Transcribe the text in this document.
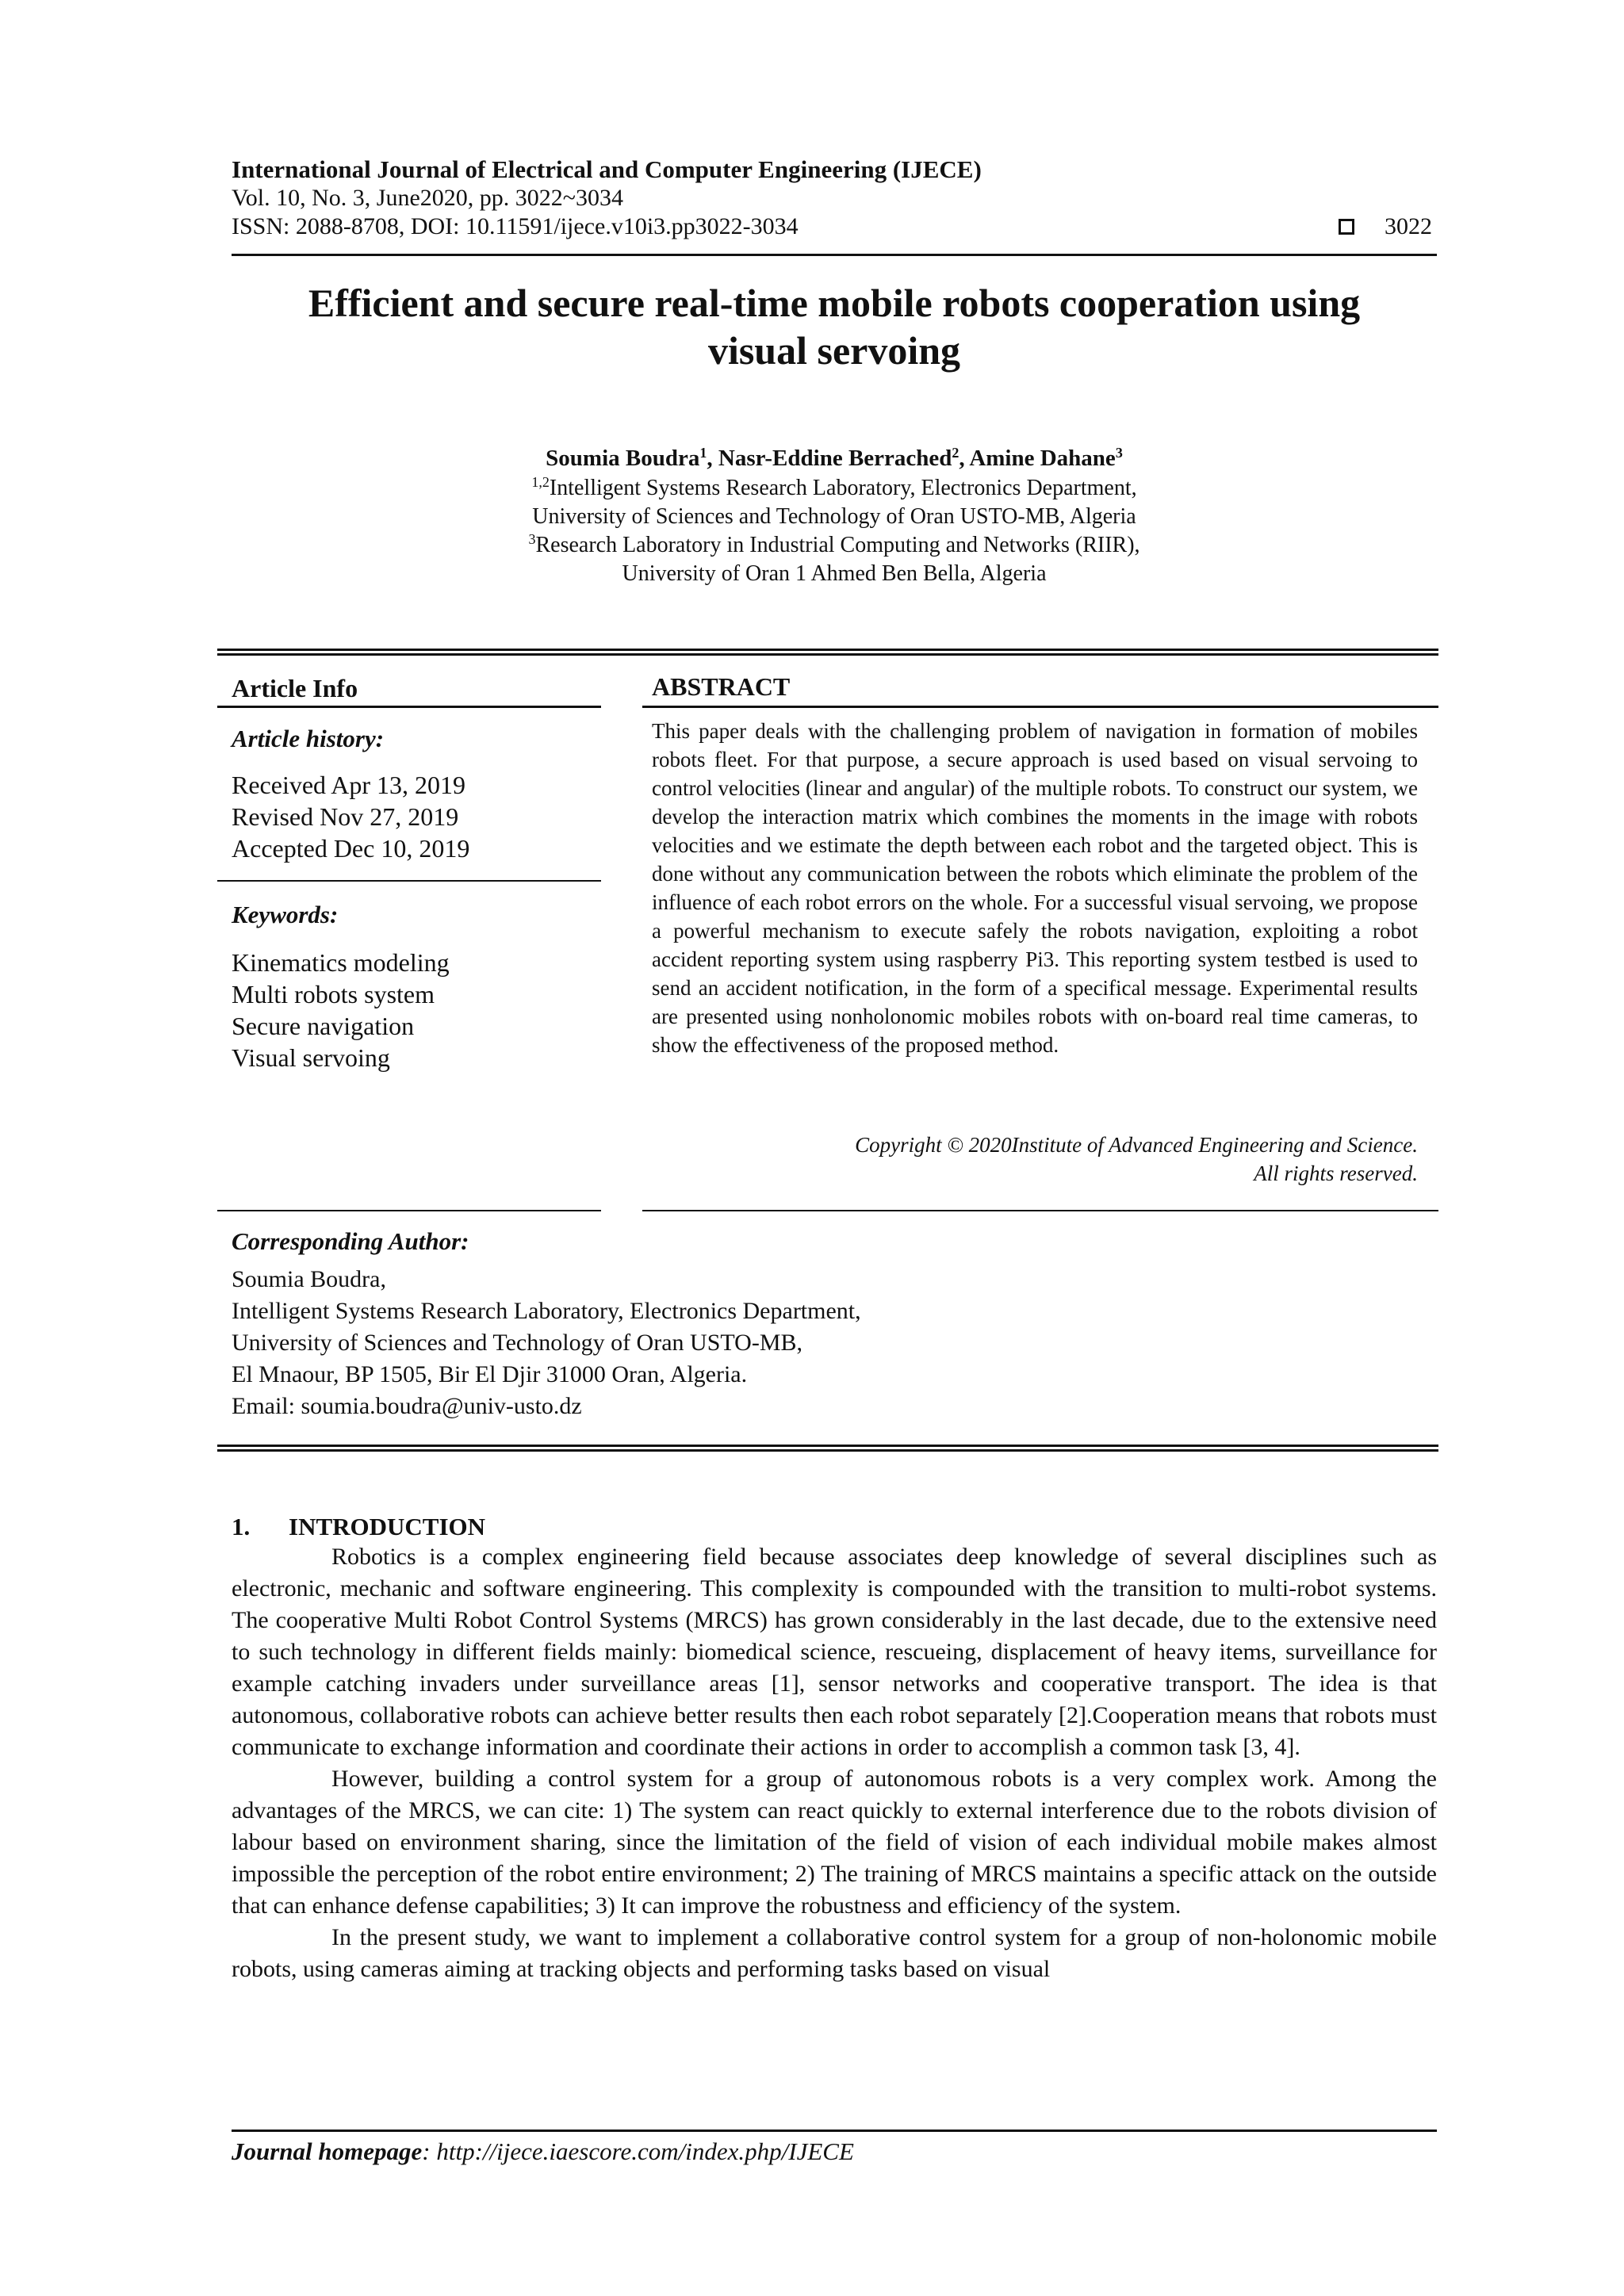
International Journal of Electrical and Computer Engineering (IJECE)
Vol. 10, No. 3, June2020, pp. 3022~3034
ISSN: 2088-8708, DOI: 10.11591/ijece.v10i3.pp3022-3034	3022
Efficient and secure real-time mobile robots cooperation using
visual servoing
Soumia Boudra$^1$, Nasr-Eddine Berrached$^2$, Amine Dahane$^3$
$^{1,2}$Intelligent Systems Research Laboratory, Electronics Department,
University of Sciences and Technology of Oran USTO-MB, Algeria
$^3$Research Laboratory in Industrial Computing and Networks (RIIR),
University of Oran 1 Ahmed Ben Bella, Algeria
Article Info
Article history:
Received Apr 13, 2019
Revised Nov 27, 2019
Accepted Dec 10, 2019
Keywords:
Kinematics modeling
Multi robots system
Secure navigation
Visual servoing
ABSTRACT
This paper deals with the challenging problem of navigation in formation of mobiles robots fleet. For that purpose, a secure approach is used based on visual servoing to control velocities (linear and angular) of the multiple robots. To construct our system, we develop the interaction matrix which combines the moments in the image with robots velocities and we estimate the depth between each robot and the targeted object. This is done without any communication between the robots which eliminate the problem of the influence of each robot errors on the whole. For a successful visual servoing, we propose a powerful mechanism to execute safely the robots navigation, exploiting a robot accident reporting system using raspberry Pi3. This reporting system testbed is used to send an accident notification, in the form of a specifical message. Experimental results are presented using nonholonomic mobiles robots with on-board real time cameras, to show the effectiveness of the proposed method.
Copyright © 2020Institute of Advanced Engineering and Science.
All rights reserved.
Corresponding Author:
Soumia Boudra,
Intelligent Systems Research Laboratory, Electronics Department,
University of Sciences and Technology of Oran USTO-MB,
El Mnaour, BP 1505, Bir El Djir 31000 Oran, Algeria.
Email: soumia.boudra@univ-usto.dz
1. INTRODUCTION

Robotics is a complex engineering field because associates deep knowledge of several disciplines such as electronic, mechanic and software engineering. This complexity is compounded with the transition to multi-robot systems. The cooperative Multi Robot Control Systems (MRCS) has grown considerably in the last decade, due to the extensive need to such technology in different fields mainly: biomedical science, rescueing, displacement of heavy items, surveillance for example catching invaders under surveillance areas [1], sensor networks and cooperative transport. The idea is that autonomous, collaborative robots can achieve better results then each robot separately [2].Cooperation means that robots must communicate to exchange information and coordinate their actions in order to accomplish a common task [3, 4].

However, building a control system for a group of autonomous robots is a very complex work. Among the advantages of the MRCS, we can cite: 1) The system can react quickly to external interference due to the robots division of labour based on environment sharing, since the limitation of the field of vision of each individual mobile makes almost impossible the perception of the robot entire environment; 2) The training of MRCS maintains a specific attack on the outside that can enhance defense capabilities; 3) It can improve the robustness and efficiency of the system.

In the present study, we want to implement a collaborative control system for a group of non-holonomic mobile robots, using cameras aiming at tracking objects and performing tasks based on visual

Journal homepage: http://ijece.iaescore.com/index.php/IJECE
